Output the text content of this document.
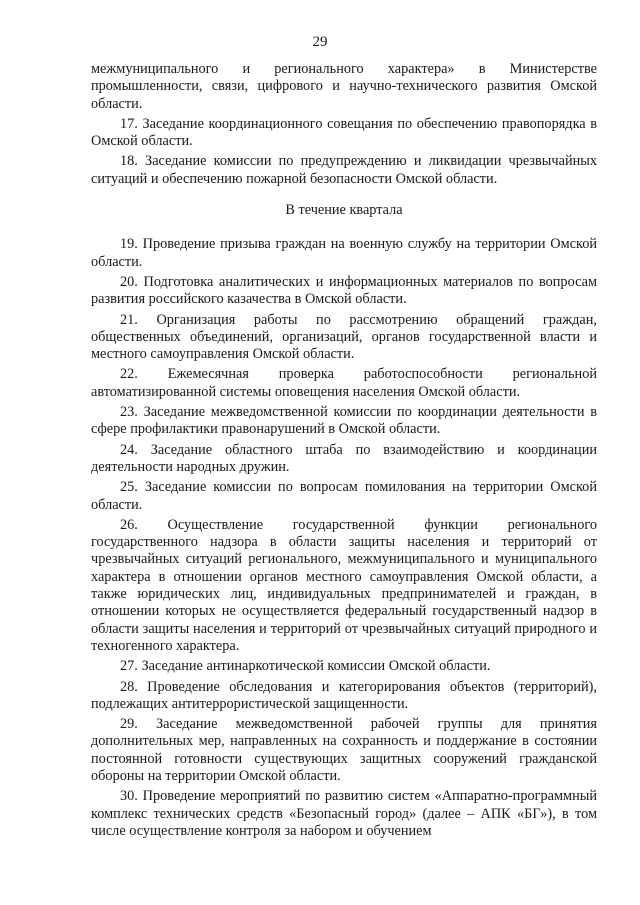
29

межмуниципального и регионального характера» в Министерстве промышленности, связи, цифрового и научно-технического развития Омской области.

17. Заседание координационного совещания по обеспечению правопорядка в Омской области.

18. Заседание комиссии по предупреждению и ликвидации чрезвычайных ситуаций и обеспечению пожарной безопасности Омской области.

В течение квартала

19. Проведение призыва граждан на военную службу на территории Омской области.

20. Подготовка аналитических и информационных материалов по вопросам развития российского казачества в Омской области.

21. Организация работы по рассмотрению обращений граждан, общественных объединений, организаций, органов государственной власти и местного самоуправления Омской области.

22. Ежемесячная проверка работоспособности региональной автоматизированной системы оповещения населения Омской области.

23. Заседание межведомственной комиссии по координации деятельности в сфере профилактики правонарушений в Омской области.

24. Заседание областного штаба по взаимодействию и координации деятельности народных дружин.

25. Заседание комиссии по вопросам помилования на территории Омской области.

26. Осуществление государственной функции регионального государственного надзора в области защиты населения и территорий от чрезвычайных ситуаций регионального, межмуниципального и муниципального характера в отношении органов местного самоуправления Омской области, а также юридических лиц, индивидуальных предпринимателей и граждан, в отношении которых не осуществляется федеральный государственный надзор в области защиты населения и территорий от чрезвычайных ситуаций природного и техногенного характера.

27. Заседание антинаркотической комиссии Омской области.

28. Проведение обследования и категорирования объектов (территорий), подлежащих антитеррористической защищенности.

29. Заседание межведомственной рабочей группы для принятия дополнительных мер, направленных на сохранность и поддержание в состоянии постоянной готовности существующих защитных сооружений гражданской обороны на территории Омской области.

30. Проведение мероприятий по развитию систем «Аппаратно-программный комплекс технических средств «Безопасный город» (далее – АПК «БГ»), в том числе осуществление контроля за набором и обучением
